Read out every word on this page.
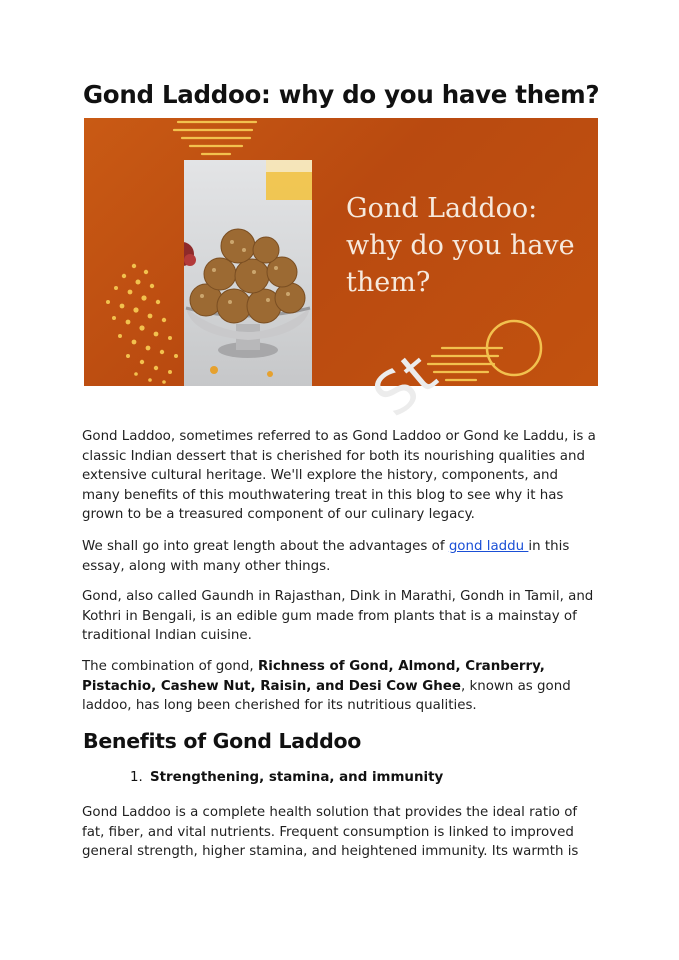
Gond Laddoo: why do you have them?
Gond Laddoo:
why do you have
them?
St

Gond Laddoo, sometimes referred to as Gond Laddoo or Gond ke Laddu, is a classic Indian dessert that is cherished for both its nourishing qualities and extensive cultural heritage. We'll explore the history, components, and many benefits of this mouthwatering treat in this blog to see why it has grown to be a treasured component of our culinary legacy.

We shall go into great length about the advantages of gond laddu in this essay, along with many other things.

Gond, also called Gaundh in Rajasthan, Dink in Marathi, Gondh in Tamil, and Kothri in Bengali, is an edible gum made from plants that is a mainstay of traditional Indian cuisine.

The combination of gond, Richness of Gond, Almond, Cranberry, Pistachio, Cashew Nut, Raisin, and Desi Cow Ghee, known as gond laddoo, has long been cherished for its nutritious qualities.

Benefits of Gond Laddoo
1. Strengthening, stamina, and immunity

Gond Laddoo is a complete health solution that provides the ideal ratio of fat, fiber, and vital nutrients. Frequent consumption is linked to improved general strength, higher stamina, and heightened immunity. Its warmth is
